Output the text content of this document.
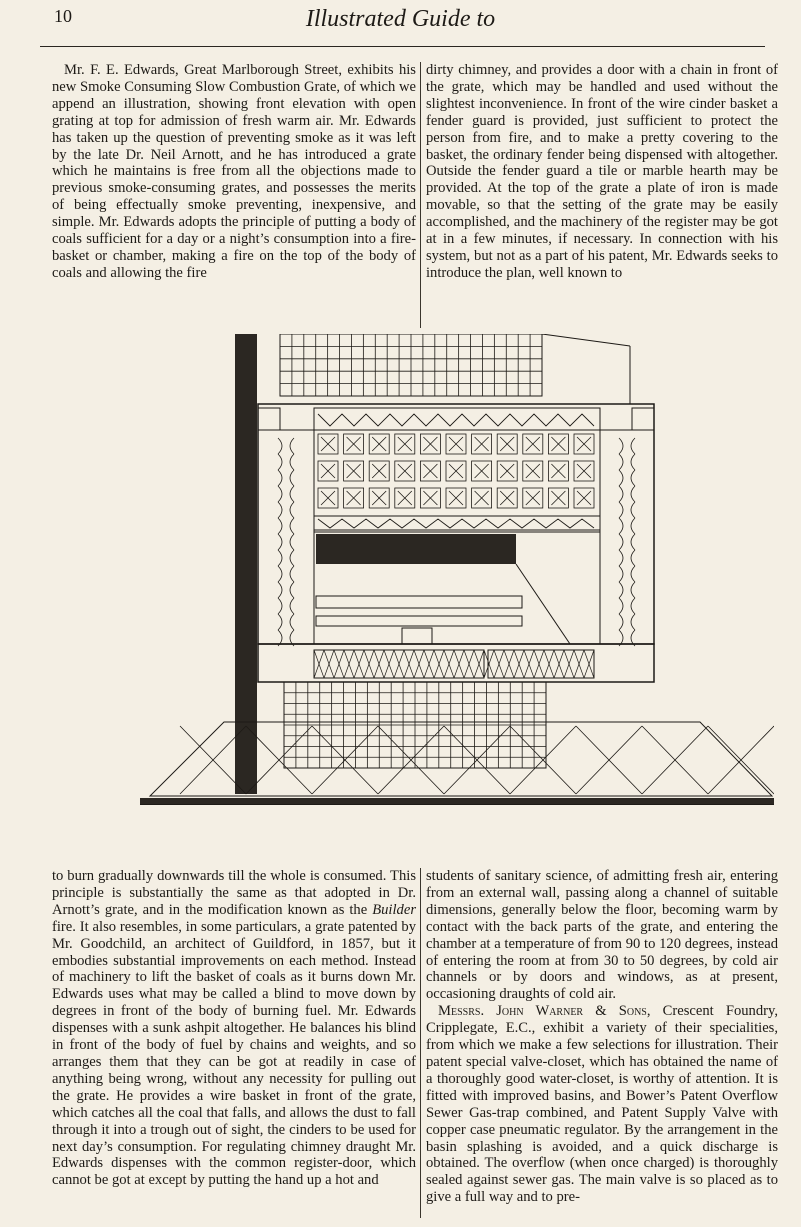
10	Illustrated Guide to

Mr. F. E. Edwards, Great Marlborough Street, exhibits his new Smoke Consuming Slow Combustion Grate, of which we append an illustration, showing front elevation with open grating at top for admission of fresh warm air. Mr. Edwards has taken up the question of preventing smoke as it was left by the late Dr. Neil Arnott, and he has introduced a grate which he maintains is free from all the objections made to previous smoke-consuming grates, and possesses the merits of being effectually smoke preventing, inexpensive, and simple. Mr. Edwards adopts the principle of putting a body of coals sufficient for a day or a night’s consumption into a fire-basket or chamber, making a fire on the top of the body of coals and allowing the fire

dirty chimney, and provides a door with a chain in front of the grate, which may be handled and used without the slightest inconvenience. In front of the wire cinder basket a fender guard is provided, just sufficient to protect the person from fire, and to make a pretty covering to the basket, the ordinary fender being dispensed with altogether. Outside the fender guard a tile or marble hearth may be provided. At the top of the grate a plate of iron is made movable, so that the setting of the grate may be easily accomplished, and the machinery of the register may be got at in a few minutes, if necessary. In connection with his system, but not as a part of his patent, Mr. Edwards seeks to introduce the plan, well known to

to burn gradually downwards till the whole is consumed. This principle is substantially the same as that adopted in Dr. Arnott’s grate, and in the modification known as the Builder fire. It also resembles, in some particulars, a grate patented by Mr. Goodchild, an architect of Guildford, in 1857, but it embodies substantial improvements on each method. Instead of machinery to lift the basket of coals as it burns down Mr. Edwards uses what may be called a blind to move down by degrees in front of the body of burning fuel. Mr. Edwards dispenses with a sunk ashpit altogether. He balances his blind in front of the body of fuel by chains and weights, and so arranges them that they can be got at readily in case of anything being wrong, without any necessity for pulling out the grate. He provides a wire basket in front of the grate, which catches all the coal that falls, and allows the dust to fall through it into a trough out of sight, the cinders to be used for next day’s consumption. For regulating chimney draught Mr. Edwards dispenses with the common register-door, which cannot be got at except by putting the hand up a hot and

students of sanitary science, of admitting fresh air, entering from an external wall, passing along a channel of suitable dimensions, generally below the floor, becoming warm by contact with the back parts of the grate, and entering the chamber at a temperature of from 90 to 120 degrees, instead of entering the room at from 30 to 50 degrees, by cold air channels or by doors and windows, as at present, occasioning draughts of cold air.

Messrs. John Warner & Sons, Crescent Foundry, Cripplegate, E.C., exhibit a variety of their specialities, from which we make a few selections for illustration. Their patent special valve-closet, which has obtained the name of a thoroughly good water-closet, is worthy of attention. It is fitted with improved basins, and Bower’s Patent Overflow Sewer Gas-trap combined, and Patent Supply Valve with copper case pneumatic regulator. By the arrangement in the basin splashing is avoided, and a quick discharge is obtained. The overflow (when once charged) is thoroughly sealed against sewer gas. The main valve is so placed as to give a full way and to pre-
